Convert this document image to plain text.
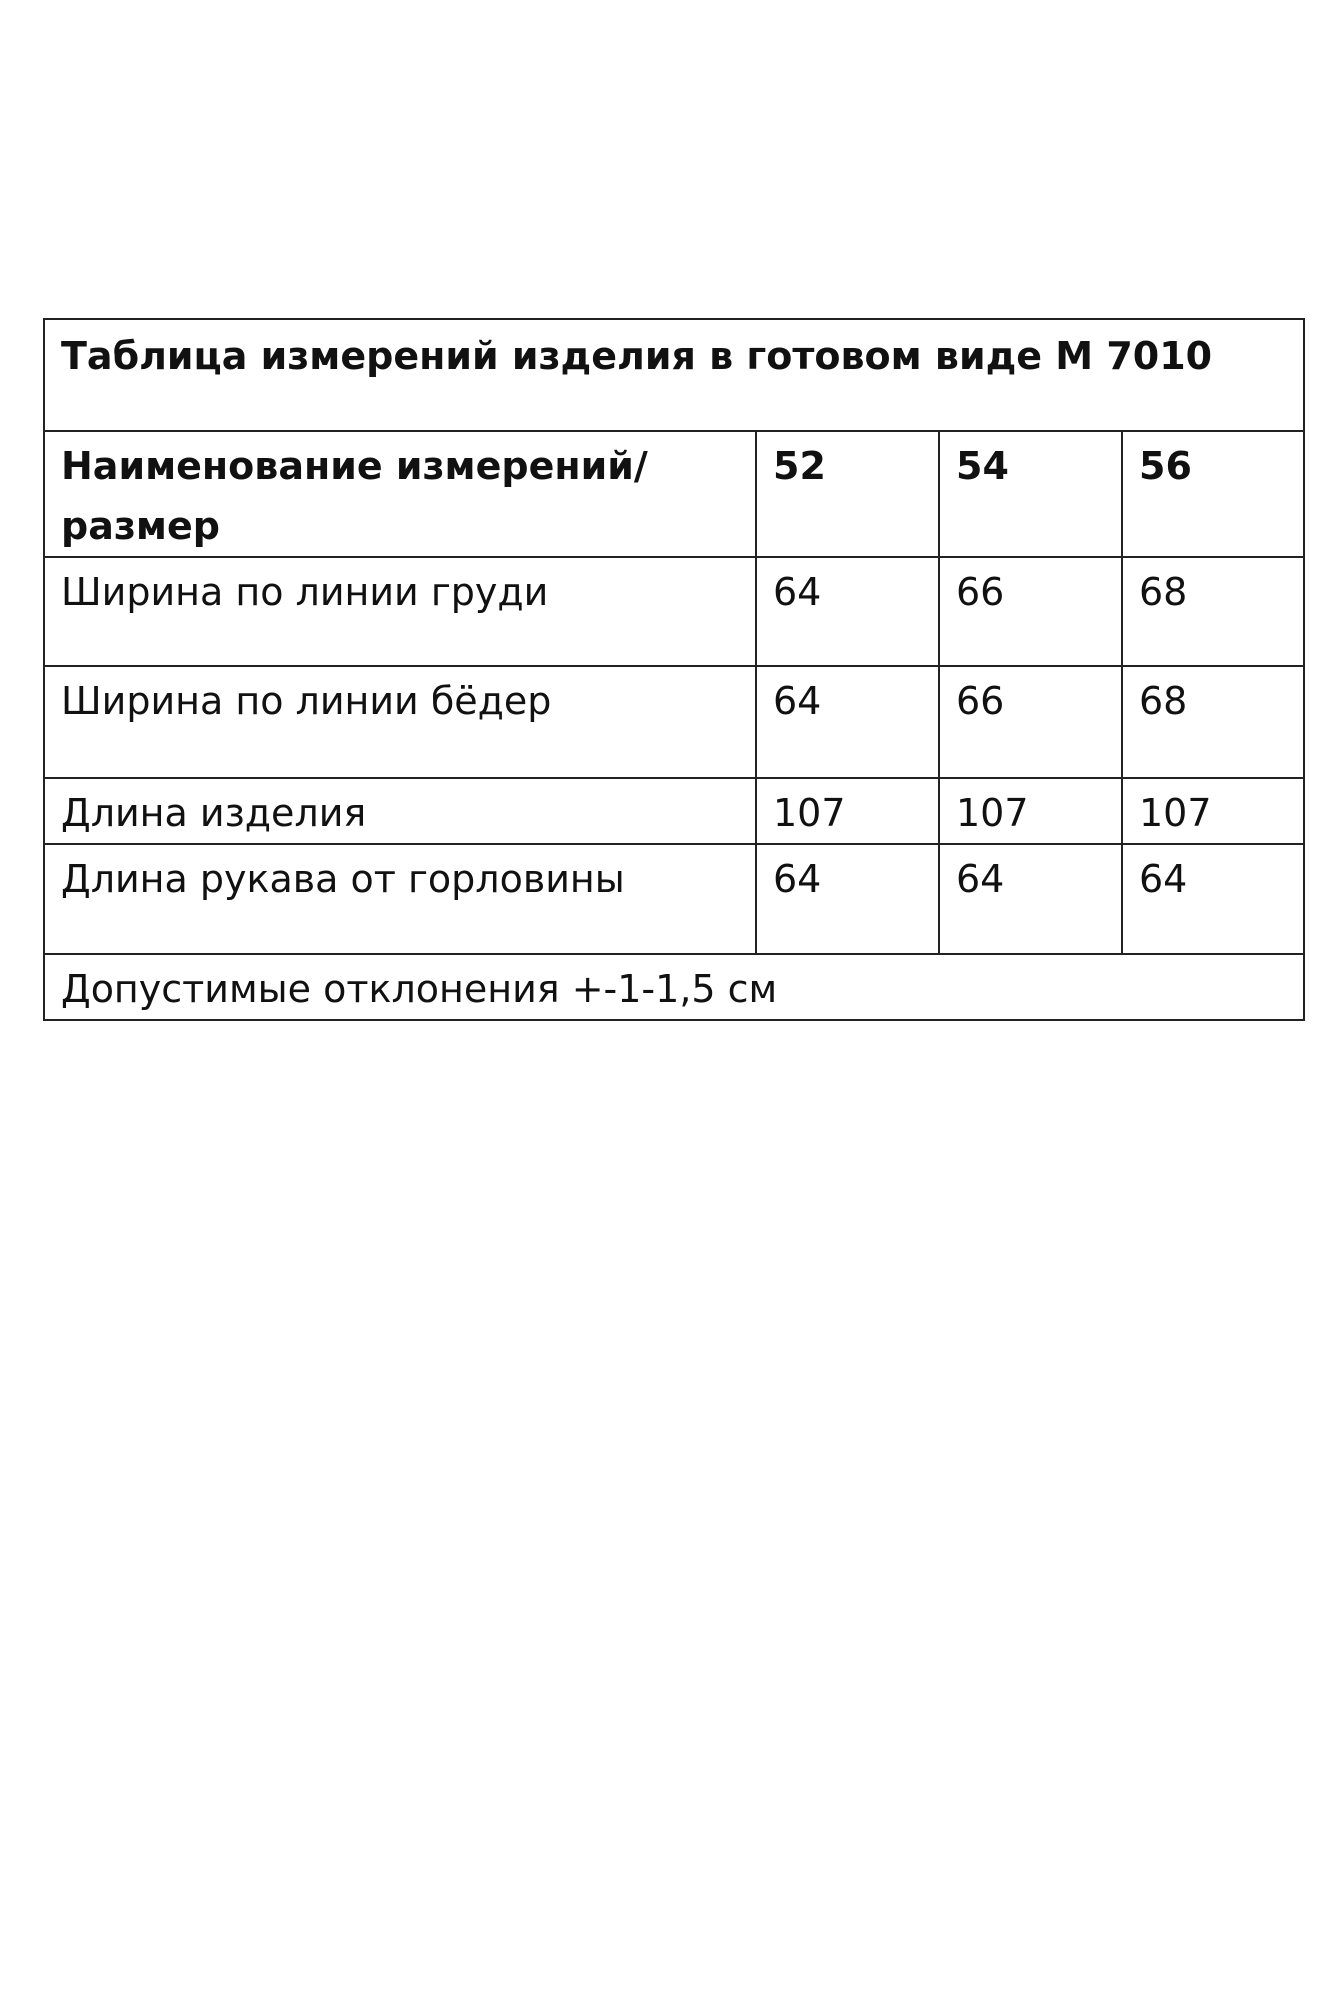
Таблица измерений изделия в готовом виде М 7010			
Наименование измерений/размер	52	54	56
Ширина по линии груди	64	66	68
Ширина по линии бёдер	64	66	68
Длина изделия	107	107	107
Длина рукава от горловины	64	64	64
Допустимые отклонения +-1-1,5 см			
